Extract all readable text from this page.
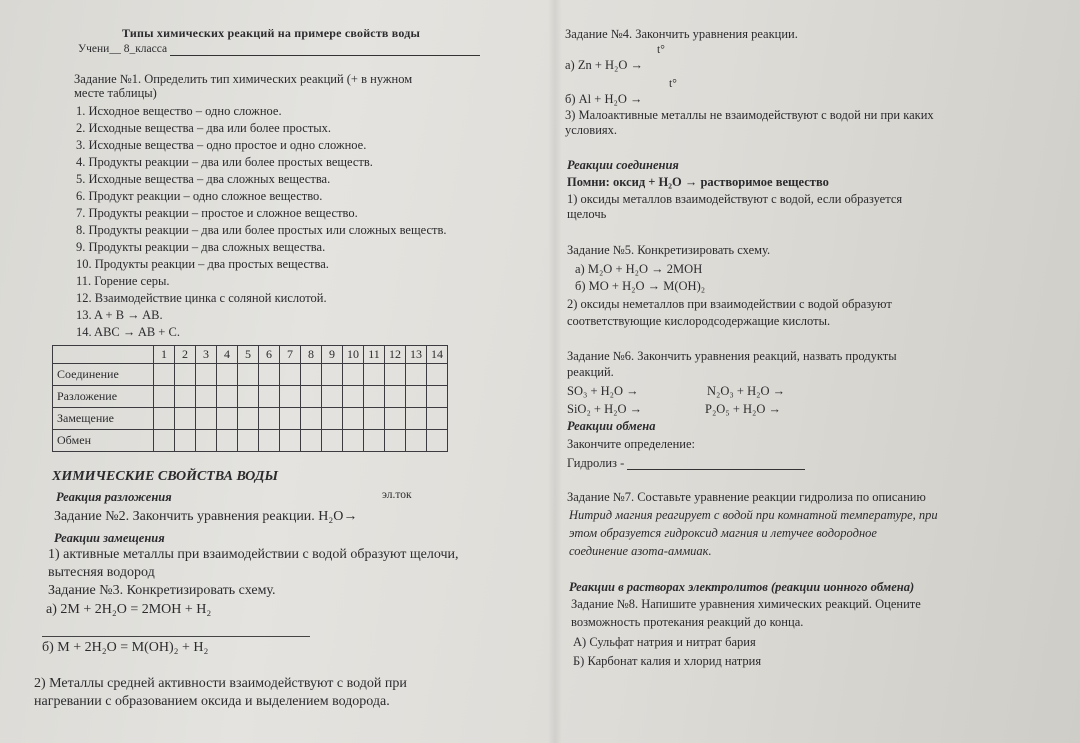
Типы химических реакций на примере свойств воды
Учени__ 8_класса
Задание №1. Определить тип химических реакций (+ в нужном
месте таблицы)
1. Исходное вещество – одно сложное.
2. Исходные вещества – два или более простых.
3. Исходные вещества – одно простое и одно сложное.
4. Продукты реакции – два или более простых веществ.
5. Исходные вещества – два сложных вещества.
6. Продукт реакции – одно сложное вещество.
7. Продукты реакции – простое и сложное вещество.
8. Продукты реакции – два или более простых или сложных веществ.
9. Продукты реакции – два сложных вещества.
10. Продукты реакции – два простых вещества.
11. Горение серы.
12. Взаимодействие цинка с соляной кислотой.
13. A + B → AB.
14. ABC → AB + C.
	1	2	3	4	5	6	7	8	9	10	11	12	13	14
Соединение														
Разложение														
Замещение														
Обмен														
ХИМИЧЕСКИЕ СВОЙСТВА ВОДЫ
Реакция разложения	эл.ток
Задание №2. Закончить уравнения реакции. H₂O→
Реакции замещения
1) активные металлы при взаимодействии с водой образуют щелочи,
вытесняя водород
Задание №3. Конкретизировать схему.
а) 2M + 2H₂O = 2MOH + H₂
б) M + 2H₂O = M(OH)₂ + H₂
2) Металлы средней активности взаимодействуют с водой при
нагревании с образованием оксида и выделением водорода.
Задание №4. Закончить уравнения реакции.
t°
а) Zn + H₂O →
t°
б) Al + H₂O →
3) Малоактивные металлы не взаимодействуют с водой ни при каких
условиях.
Реакции соединения
Помни: оксид + H₂O → растворимое вещество
1) оксиды металлов взаимодействуют с водой, если образуется
щелочь
Задание №5. Конкретизировать схему.
а) M₂O + H₂O → 2MOH
б) MO + H₂O → M(OH)₂
2) оксиды неметаллов при взаимодействии с водой образуют
соответствующие кислородсодержащие кислоты.
Задание №6. Закончить уравнения реакций, назвать продукты
реакций.
SO₃ + H₂O →	N₂O₃ + H₂O →
SiO₂ + H₂O →	P₂O₅ + H₂O →
Реакции обмена
Закончите определение:
Гидролиз -
Задание №7. Составьте уравнение реакции гидролиза по описанию
Нитрид магния реагирует с водой при комнатной температуре, при
этом образуется гидроксид магния и летучее водородное
соединение азота-аммиак.
Реакции в растворах электролитов (реакции ионного обмена)
Задание №8. Напишите уравнения химических реакций. Оцените
возможность протекания реакций до конца.
А) Сульфат натрия и нитрат бария
Б) Карбонат калия и хлорид натрия
